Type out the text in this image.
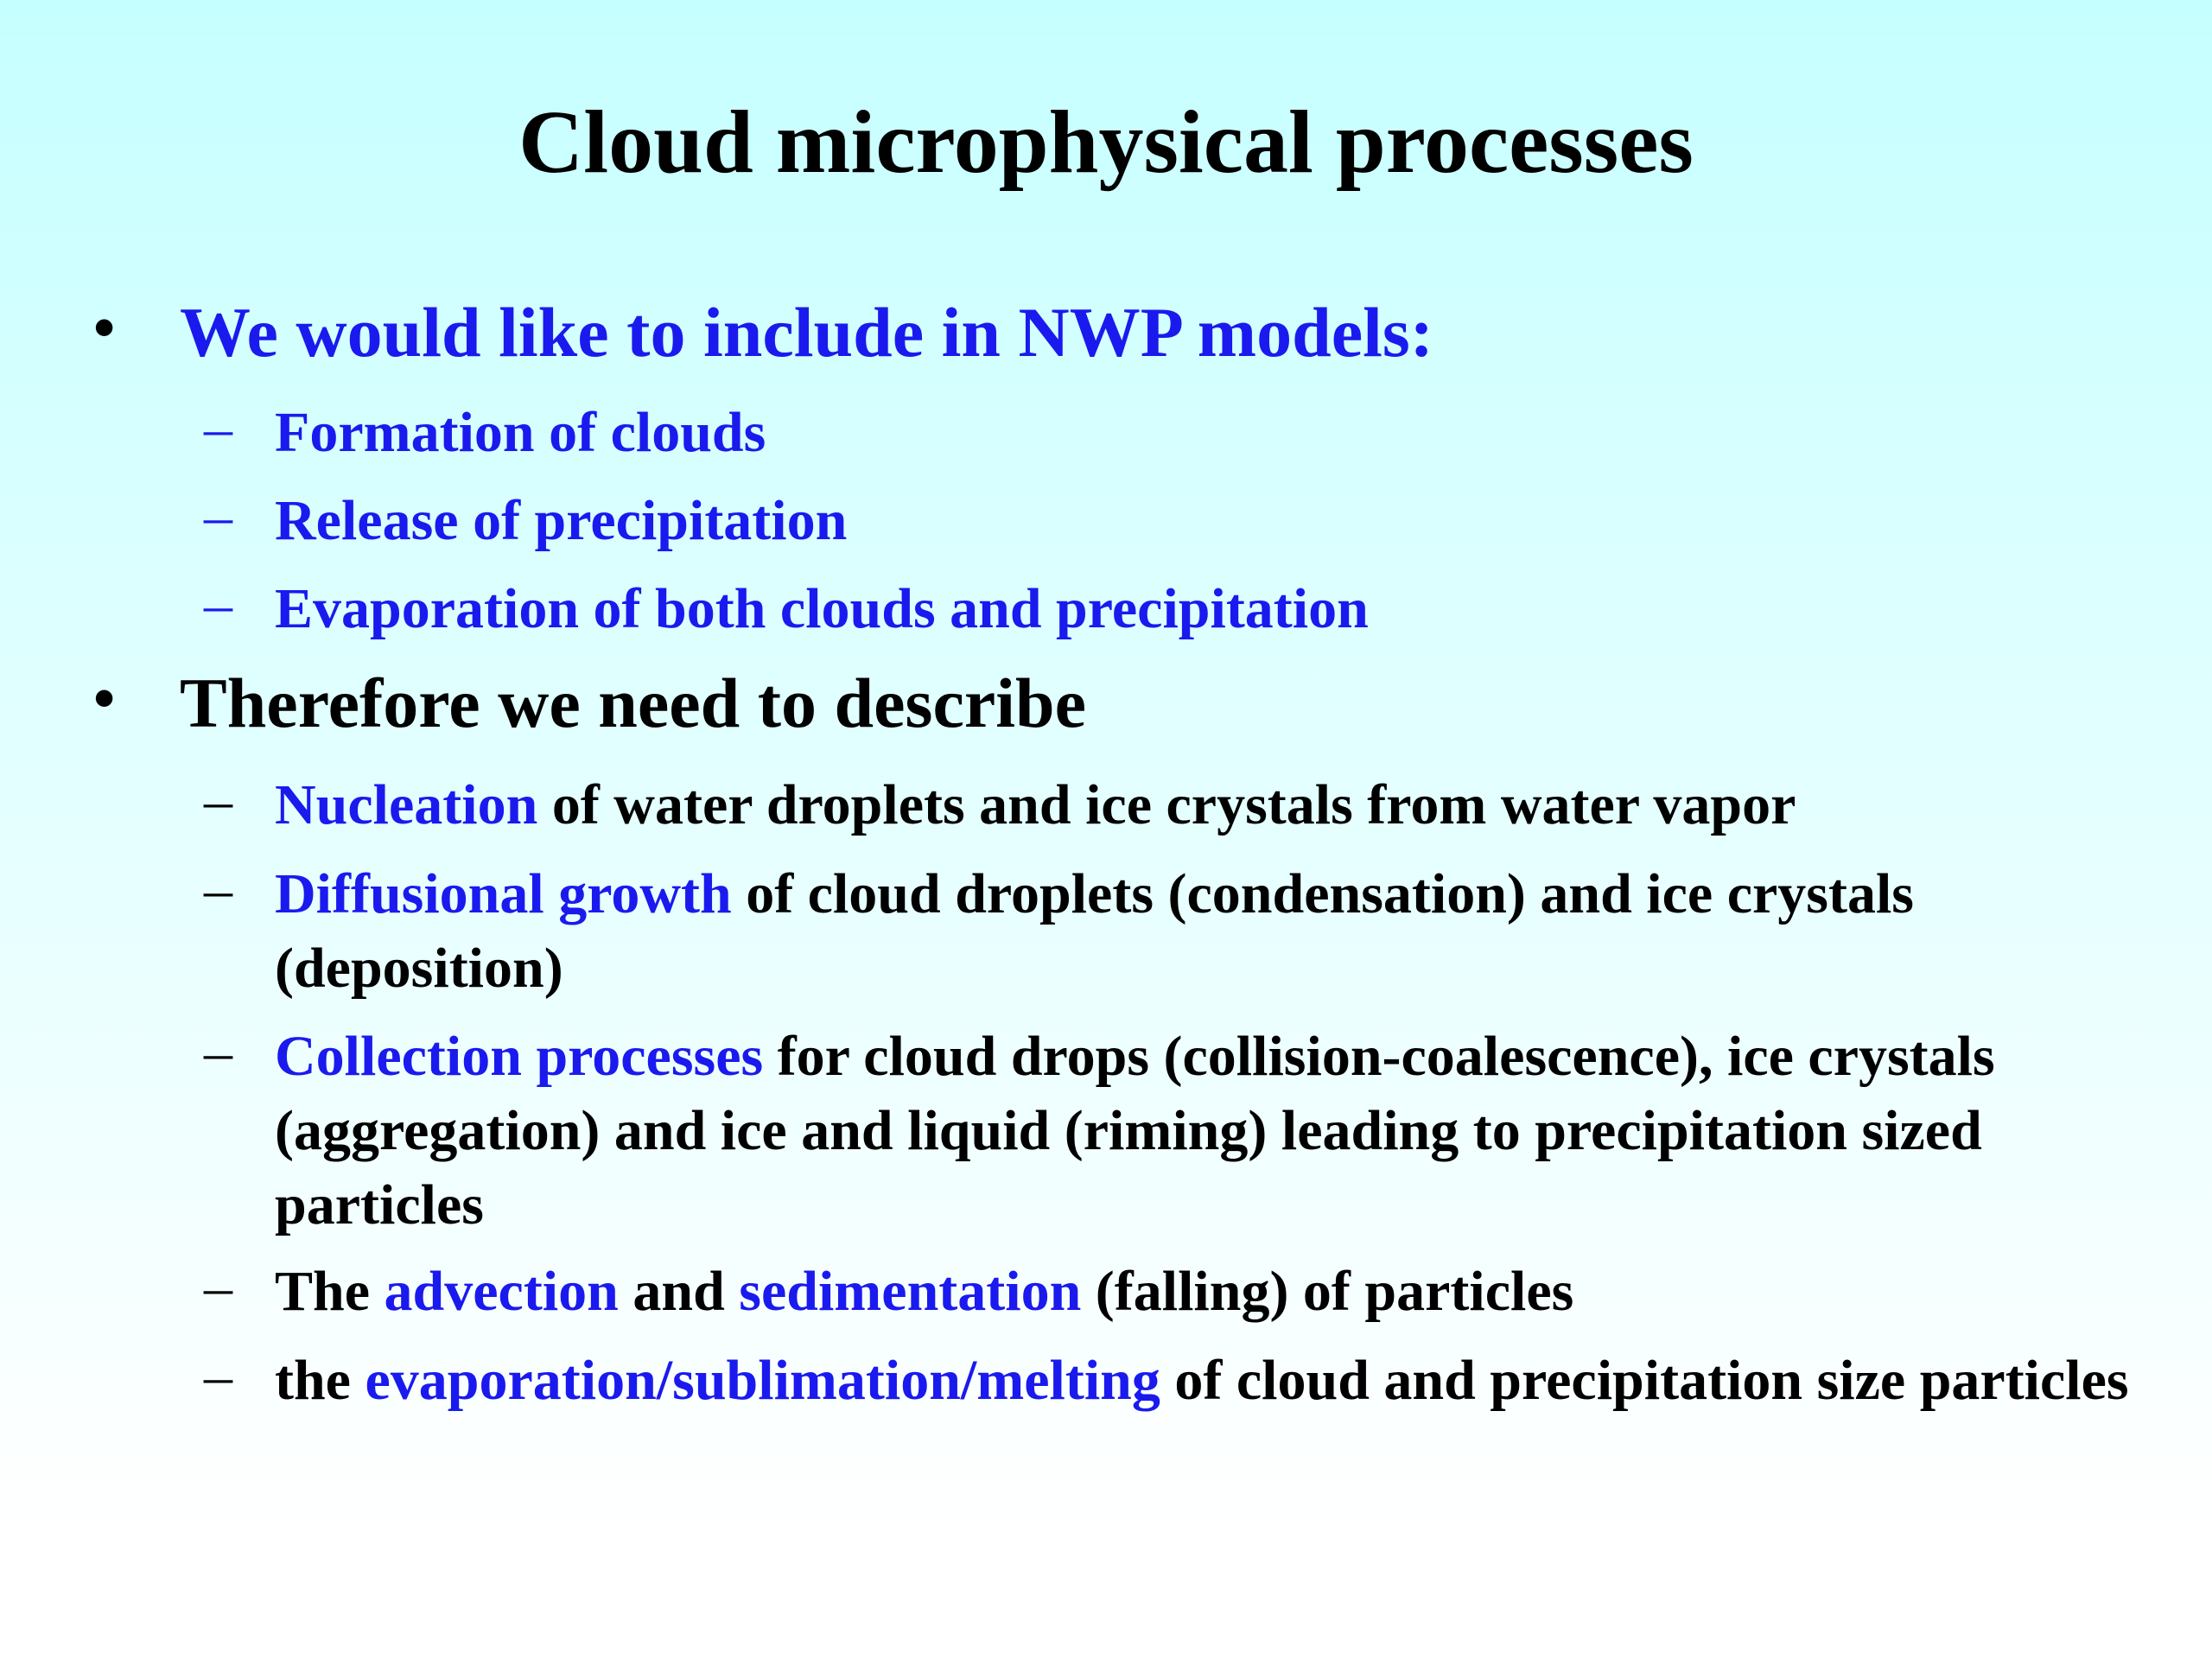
Cloud microphysical processes
• We would like to include in NWP models:
– Formation of clouds
– Release of precipitation
– Evaporation of both clouds and precipitation
• Therefore we need to describe
– Nucleation of water droplets and ice crystals from water vapor
– Diffusional growth of cloud droplets (condensation) and ice crystals (deposition)
– Collection processes for cloud drops (collision-coalescence), ice crystals (aggregation) and ice and liquid (riming) leading to precipitation sized particles
– The advection and sedimentation (falling) of particles
– the evaporation/sublimation/melting of cloud and precipitation size particles
